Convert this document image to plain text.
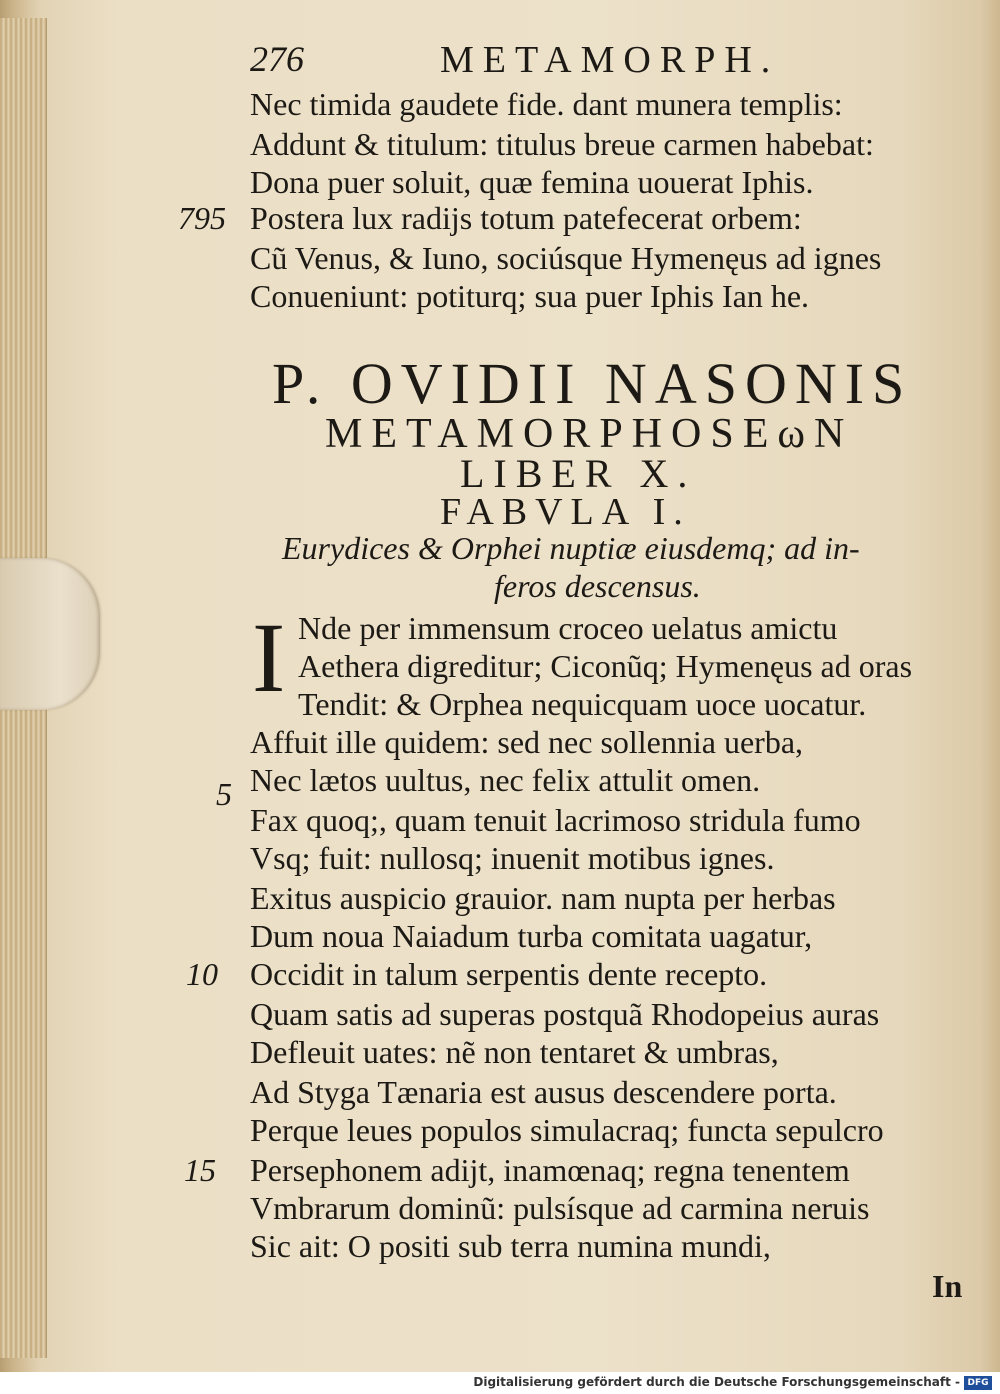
276	METAMORPH.
Nec timida gaudete fide. dant munera templis:
Addunt & titulum: titulus breue carmen habebat:
Dona puer soluit, quæ femina uouerat Iphis.
795 Postera lux radijs totum patefecerat orbem:
Cũ Venus, & Iuno, sociúsque Hymenęus ad ignes
Conueniunt: potiturq; sua puer Iphis Ian he.
P. OVIDII NASONIS
METAMORPHOSEωN
LIBER X.
FABVLA I.
Eurydices & Orphei nuptiæ eiusdemq; ad in-
feros descensus.
I Nde per immensum croceo uelatus amictu
Aethera digreditur; Ciconũq; Hymenęus ad oras
Tendit: & Orphea nequicquam uoce uocatur.
Affuit ille quidem: sed nec sollennia uerba,
5 Nec lætos uultus, nec felix attulit omen.
Fax quoq;, quam tenuit lacrimoso stridula fumo
Vsq; fuit: nullosq; inuenit motibus ignes.
Exitus auspicio grauior. nam nupta per herbas
Dum noua Naiadum turba comitata uagatur,
10 Occidit in talum serpentis dente recepto.
Quam satis ad superas postquã Rhodopeius auras
Defleuit uates: nẽ non tentaret & umbras,
Ad Styga Tænaria est ausus descendere porta.
Perque leues populos simulacraq; functa sepulcro
15 Persephonem adijt, inamœnaq; regna tenentem
Vmbrarum dominũ: pulsísque ad carmina neruis
Sic ait: O positi sub terra numina mundi,
In
Digitalisierung gefördert durch die Deutsche Forschungsgemeinschaft - DFG
